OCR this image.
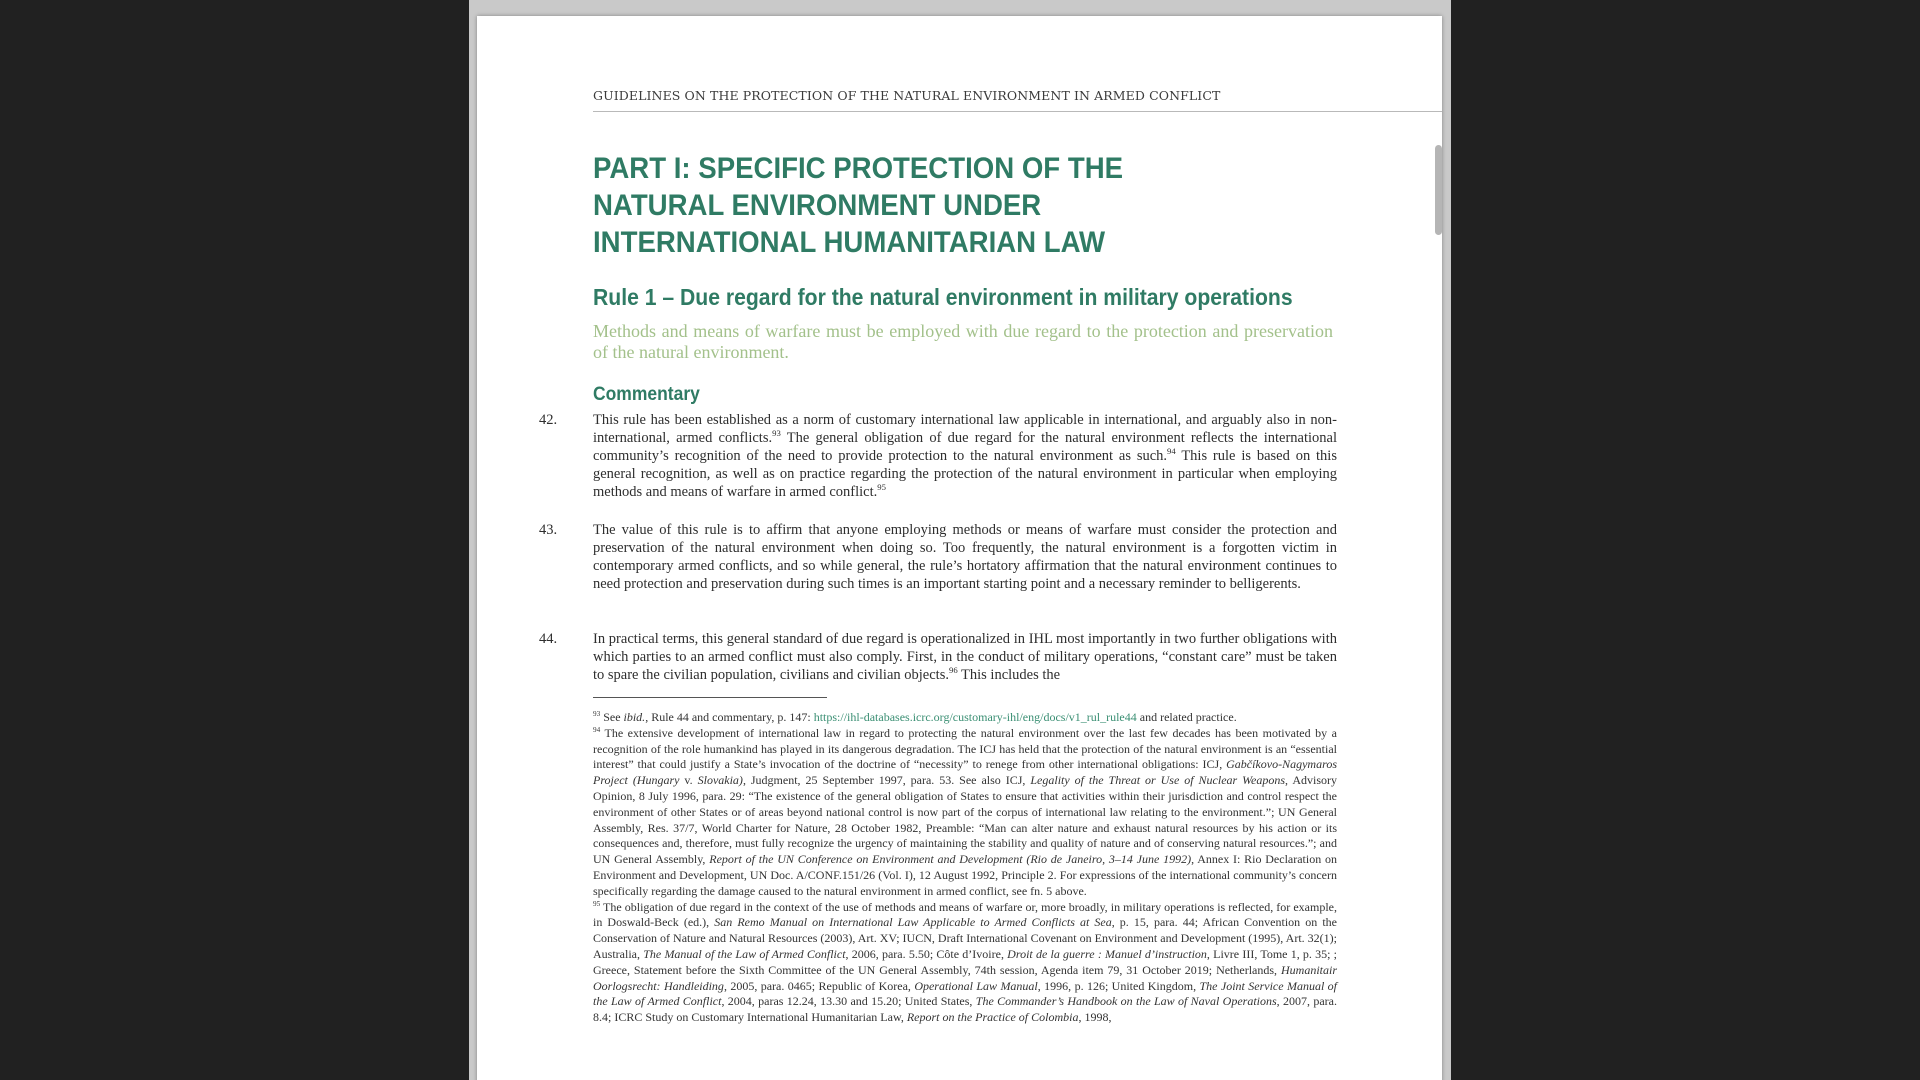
GUIDELINES ON THE PROTECTION OF THE NATURAL ENVIRONMENT IN ARMED CONFLICT
PART I: SPECIFIC PROTECTION OF THE NATURAL ENVIRONMENT UNDER INTERNATIONAL HUMANITARIAN LAW
Rule 1 – Due regard for the natural environment in military operations

Methods and means of warfare must be employed with due regard to the protection and preservation of the natural environment.

Commentary
42.	This rule has been established as a norm of customary international law applicable in international, and arguably also in non-international, armed conflicts.$^{93}$ The general obligation of due regard for the natural environment reflects the international community’s recognition of the need to provide protection to the natural environment as such.$^{94}$ This rule is based on this general recognition, as well as on practice regarding the protection of the natural environment in particular when employing methods and means of warfare in armed conflict.$^{95}$

43.	The value of this rule is to affirm that anyone employing methods or means of warfare must consider the protection and preservation of the natural environment when doing so. Too frequently, the natural environment is a forgotten victim in contemporary armed conflicts, and so while general, the rule’s hortatory affirmation that the natural environment continues to need protection and preservation during such times is an important starting point and a necessary reminder to belligerents.

44.	In practical terms, this general standard of due regard is operationalized in IHL most importantly in two further obligations with which parties to an armed conflict must also comply. First, in the conduct of military operations, “constant care” must be taken to spare the civilian population, civilians and civilian objects.$^{96}$ This includes the

$^{93}$ See ibid., Rule 44 and commentary, p. 147: https://ihl-databases.icrc.org/customary-ihl/eng/docs/v1_rul_rule44 and related practice.

$^{94}$ The extensive development of international law in regard to protecting the natural environment over the last few decades has been motivated by a recognition of the role humankind has played in its dangerous degradation. The ICJ has held that the protection of the natural environment is an “essential interest” that could justify a State’s invocation of the doctrine of “necessity” to renege from other international obligations: ICJ, Gabčíkovo-Nagymaros Project (Hungary v. Slovakia), Judgment, 25 September 1997, para. 53. See also ICJ, Legality of the Threat or Use of Nuclear Weapons, Advisory Opinion, 8 July 1996, para. 29: “The existence of the general obligation of States to ensure that activities within their jurisdiction and control respect the environment of other States or of areas beyond national control is now part of the corpus of international law relating to the environment.”; UN General Assembly, Res. 37/7, World Charter for Nature, 28 October 1982, Preamble: “Man can alter nature and exhaust natural resources by his action or its consequences and, therefore, must fully recognize the urgency of maintaining the stability and quality of nature and of conserving natural resources.”; and UN General Assembly, Report of the UN Conference on Environment and Development (Rio de Janeiro, 3–14 June 1992), Annex I: Rio Declaration on Environment and Development, UN Doc. A/CONF.151/26 (Vol. I), 12 August 1992, Principle 2. For expressions of the international community’s concern specifically regarding the damage caused to the natural environment in armed conflict, see fn. 5 above.

$^{95}$ The obligation of due regard in the context of the use of methods and means of warfare or, more broadly, in military operations is reflected, for example, in Doswald-Beck (ed.), San Remo Manual on International Law Applicable to Armed Conflicts at Sea, p. 15, para. 44; African Convention on the Conservation of Nature and Natural Resources (2003), Art. XV; IUCN, Draft International Covenant on Environment and Development (1995), Art. 32(1); Australia, The Manual of the Law of Armed Conflict, 2006, para. 5.50; Côte d’Ivoire, Droit de la guerre : Manuel d’instruction, Livre III, Tome 1, p. 35; ; Greece, Statement before the Sixth Committee of the UN General Assembly, 74th session, Agenda item 79, 31 October 2019; Netherlands, Humanitair Oorlogsrecht: Handleiding, 2005, para. 0465; Republic of Korea, Operational Law Manual, 1996, p. 126; United Kingdom, The Joint Service Manual of the Law of Armed Conflict, 2004, paras 12.24, 13.30 and 15.20; United States, The Commander’s Handbook on the Law of Naval Operations, 2007, para. 8.4; ICRC Study on Customary International Humanitarian Law, Report on the Practice of Colombia, 1998,
